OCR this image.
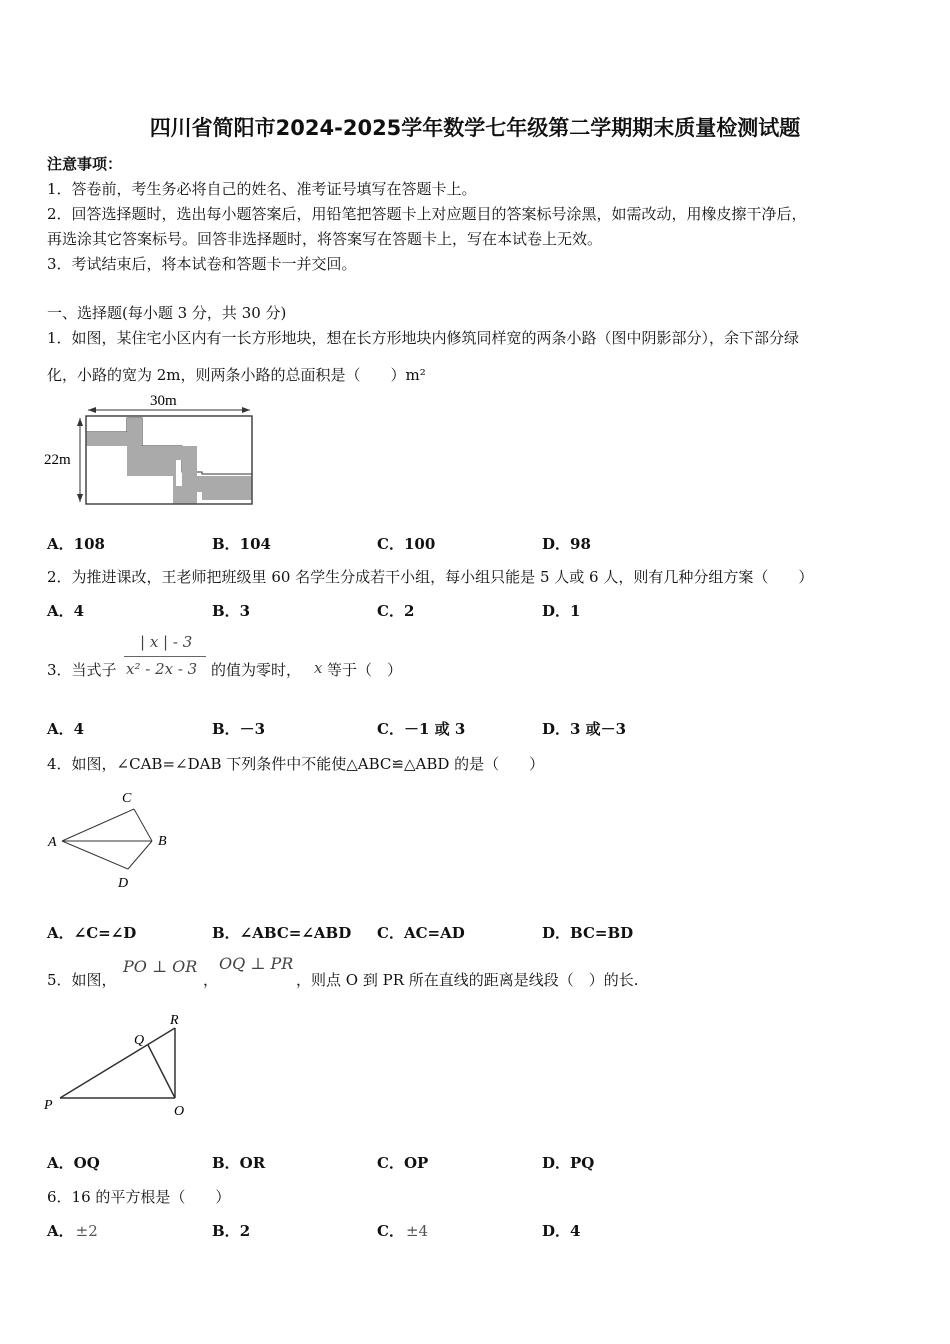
四川省简阳市2024-2025学年数学七年级第二学期期末质量检测试题
注意事项：
1．答卷前，考生务必将自己的姓名、准考证号填写在答题卡上。
2．回答选择题时，选出每小题答案后，用铅笔把答题卡上对应题目的答案标号涂黑，如需改动，用橡皮擦干净后，
再选涂其它答案标号。回答非选择题时，将答案写在答题卡上，写在本试卷上无效。
3．考试结束后，将本试卷和答题卡一并交回。
一、选择题(每小题 3 分，共 30 分)
1．如图，某住宅小区内有一长方形地块，想在长方形地块内修筑同样宽的两条小路（图中阴影部分），余下部分绿
化，小路的宽为 2m，则两条小路的总面积是（　　）m²
30m
22m
A．108	B．104	C．100	D．98
2．为推进课改，王老师把班级里 60 名学生分成若干小组，每小组只能是 5 人或 6 人，则有几种分组方案（　　）
A．4	B．3	C．2	D．1
3．当式子
| x | - 3
x² - 2x - 3 的值为零时， x 等于（　）
A．4	B．－3	C．－1 或 3	D．3 或－3
4．如图，∠CAB=∠DAB 下列条件中不能使△ABC≌△ABD 的是（　　）
C
A	B
D
A．∠C=∠D	B．∠ABC=∠ABD C．AC=AD	D．BC=BD
5．如图，
PO ⊥ OR
，
OQ ⊥ PR
，则点 O 到 PR 所在直线的距离是线段（　）的长.
R
Q
P	O
A．OQ	B．OR	C．OP	D．PQ
6．16 的平方根是（　　）
A． ±2	B．2	C． ±4	D．4
